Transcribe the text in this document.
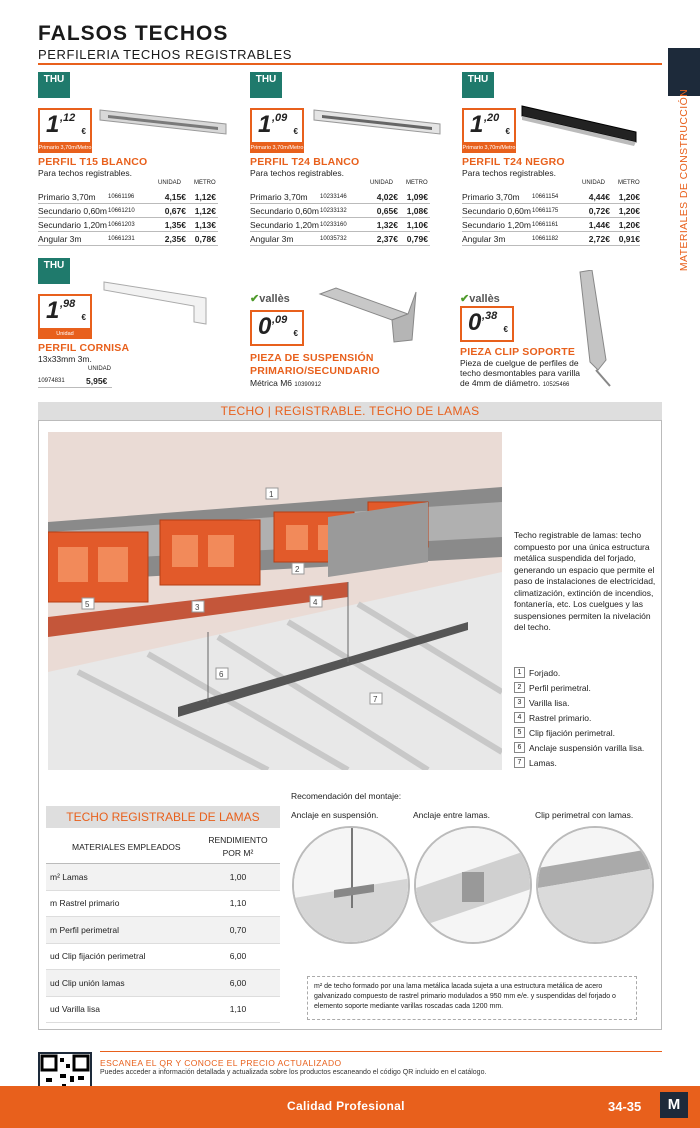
FALSOS TECHOS
PERFILERIA TECHOS REGISTRABLES
MATERIALES DE CONSTRUCCIÓN
THU

1 ,12
€
Primario 3,70m/Metro
PERFIL T15 BLANCO
Para techos registrables.
UNIDAD METRO
Primario 3,70m	10661196	4,15€	1,12€
Secundario 0,60m 10661210	0,67€	1,12€
Secundario 1,20m 10661203	1,35€	1,13€
Angular 3m	10661231	2,35€	0,78€
THU

1 ,09
€
Primario 3,70m/Metro
PERFIL T24 BLANCO
Para techos registrables.
UNIDAD METRO
Primario 3,70m	10233146	4,02€	1,09€
Secundario 0,60m 10233132	0,65€	1,08€
Secundario 1,20m 10233160	1,32€	1,10€
Angular 3m	10035732	2,37€	0,79€
THU

1 ,20
€
Primario 3,70m/Metro
PERFIL T24 NEGRO
Para techos registrables.
UNIDAD METRO
Primario 3,70m	10661154	4,44€	1,20€
Secundario 0,60m 10661175	0,72€	1,20€
Secundario 1,20m 10661161	1,44€	1,20€
Angular 3m	10661182	2,72€	0,91€
THU

1 ,98
€
Unidad
PERFIL CORNISA
13x33mm 3m.
UNIDAD
10974831	5,95€
✔vallès
0 ,09
€
PIEZA DE SUSPENSIÓN
PRIMARIO/SECUNDARIO
Métrica M6 10390912
✔vallès
0 ,38
€
PIEZA CLIP SOPORTE
Pieza de cuelgue de perfiles de techo desmontables para varilla de 4mm de diámetro. 10525466
TECHO | REGISTRABLE. TECHO DE LAMAS
1
2
3
4
5
6
7
Techo registrable de lamas: techo compuesto por una única estructura metálica suspendida del forjado, generando un espacio que permite el paso de instalaciones de electricidad, climatización, extinción de incendios, fontanería, etc. Los cuelgues y las suspensiones permiten la nivelación del techo.
1 Forjado.
2 Perfil perimetral.
3 Varilla lisa.
4 Rastrel primario.
5 Clip fijación perimetral.
6 Anclaje suspensión varilla lisa.
7 Lamas.
TECHO REGISTRABLE DE LAMAS
MATERIALES EMPLEADOS
RENDIMIENTO
POR M²
m² Lamas	1,00
m Rastrel primario	1,10
m Perfil perimetral	0,70
ud Clip fijación perimetral	6,00
ud Clip unión lamas	6,00
ud Varilla lisa	1,10
Recomendación del montaje:
Anclaje en suspensión.	Anclaje entre lamas.	Clip perimetral con lamas.
m² de techo formado por una lama metálica lacada sujeta a una estructura metálica de acero galvanizado compuesto de rastrel primario modulados a 950 mm e/e. y suspendidas del forjado o elemento soporte mediante varillas roscadas cada 1200 mm.
ESCANEA EL QR Y CONOCE EL PRECIO ACTUALIZADO
Puedes acceder a información detallada y actualizada sobre los productos escaneando el código QR incluido en el catálogo.
Calidad Profesional	34-35	M
